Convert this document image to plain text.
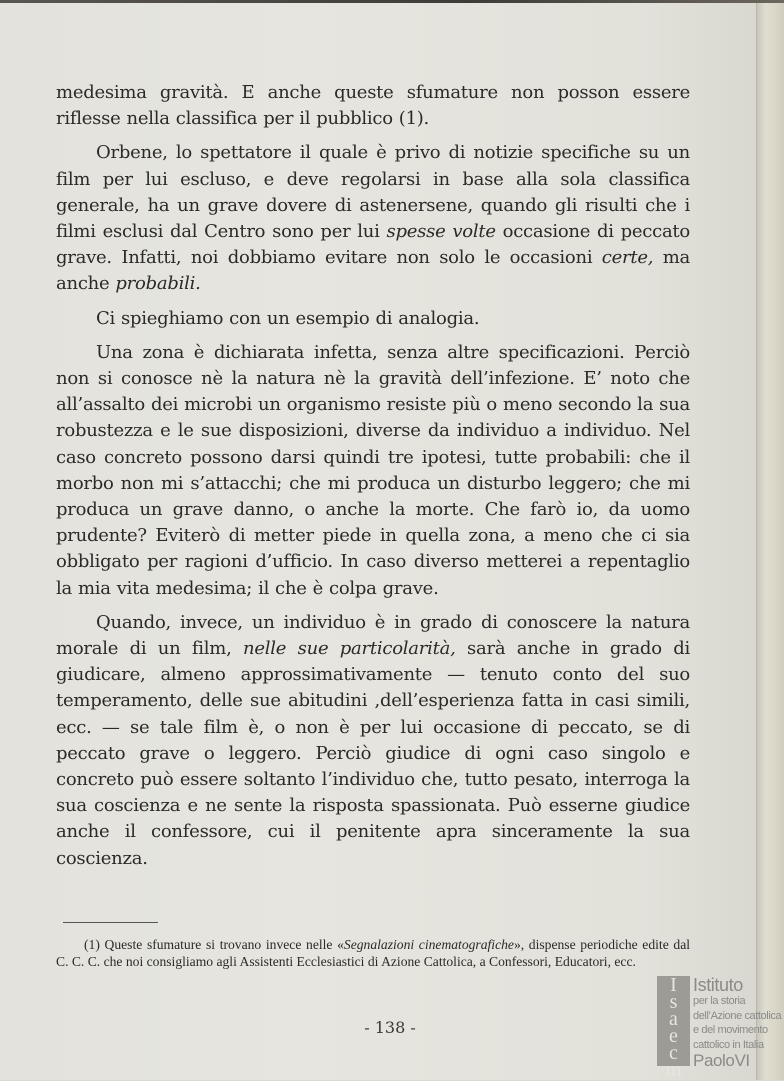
medesima gravità. E anche queste sfumature non posson essere riflesse nella classifica per il pubblico (1).

Orbene, lo spettatore il quale è privo di notizie specifiche su un film per lui escluso, e deve regolarsi in base alla sola classifica generale, ha un grave dovere di astenersene, quando gli risulti che i filmi esclusi dal Centro sono per lui spesse volte occasione di peccato grave. Infatti, noi dobbiamo evitare non solo le occasioni certe, ma anche probabili.

Ci spieghiamo con un esempio di analogia.

Una zona è dichiarata infetta, senza altre specificazioni. Perciò non si conosce nè la natura nè la gravità dell’infezione. E’ noto che all’assalto dei microbi un organismo resiste più o meno secondo la sua robustezza e le sue disposizioni, diverse da individuo a individuo. Nel caso concreto possono darsi quindi tre ipotesi, tutte probabili: che il morbo non mi s’attacchi; che mi produca un disturbo leggero; che mi produca un grave danno, o anche la morte. Che farò io, da uomo prudente? Eviterò di metter piede in quella zona, a meno che ci sia obbligato per ragioni d’ufficio. In caso diverso metterei a repentaglio la mia vita medesima; il che è colpa grave.

Quando, invece, un individuo è in grado di conoscere la natura morale di un film, nelle sue particolarità, sarà anche in grado di giudicare, almeno approssimativamente — tenuto conto del suo temperamento, delle sue abitudini ,dell’esperienza fatta in casi simili, ecc. — se tale film è, o non è per lui occasione di peccato, se di peccato grave o leggero. Perciò giudice di ogni caso singolo e concreto può essere soltanto l’individuo che, tutto pesato, interroga la sua coscienza e ne sente la risposta spassionata. Può esserne giudice anche il confessore, cui il penitente apra sinceramente la sua coscienza.

(1) Queste sfumature si trovano invece nelle «Segnalazioni cinematografiche», dispense periodiche edite dal C. C. C. che noi consigliamo agli Assistenti Ecclesiastici di Azione Cattolica, a Confessori, Educatori, ecc.

- 138 -
I
s
a
e
c
m
Istituto
per la storia
dell’Azione cattolica
e del movimento
cattolico in Italia
PaoloVI
